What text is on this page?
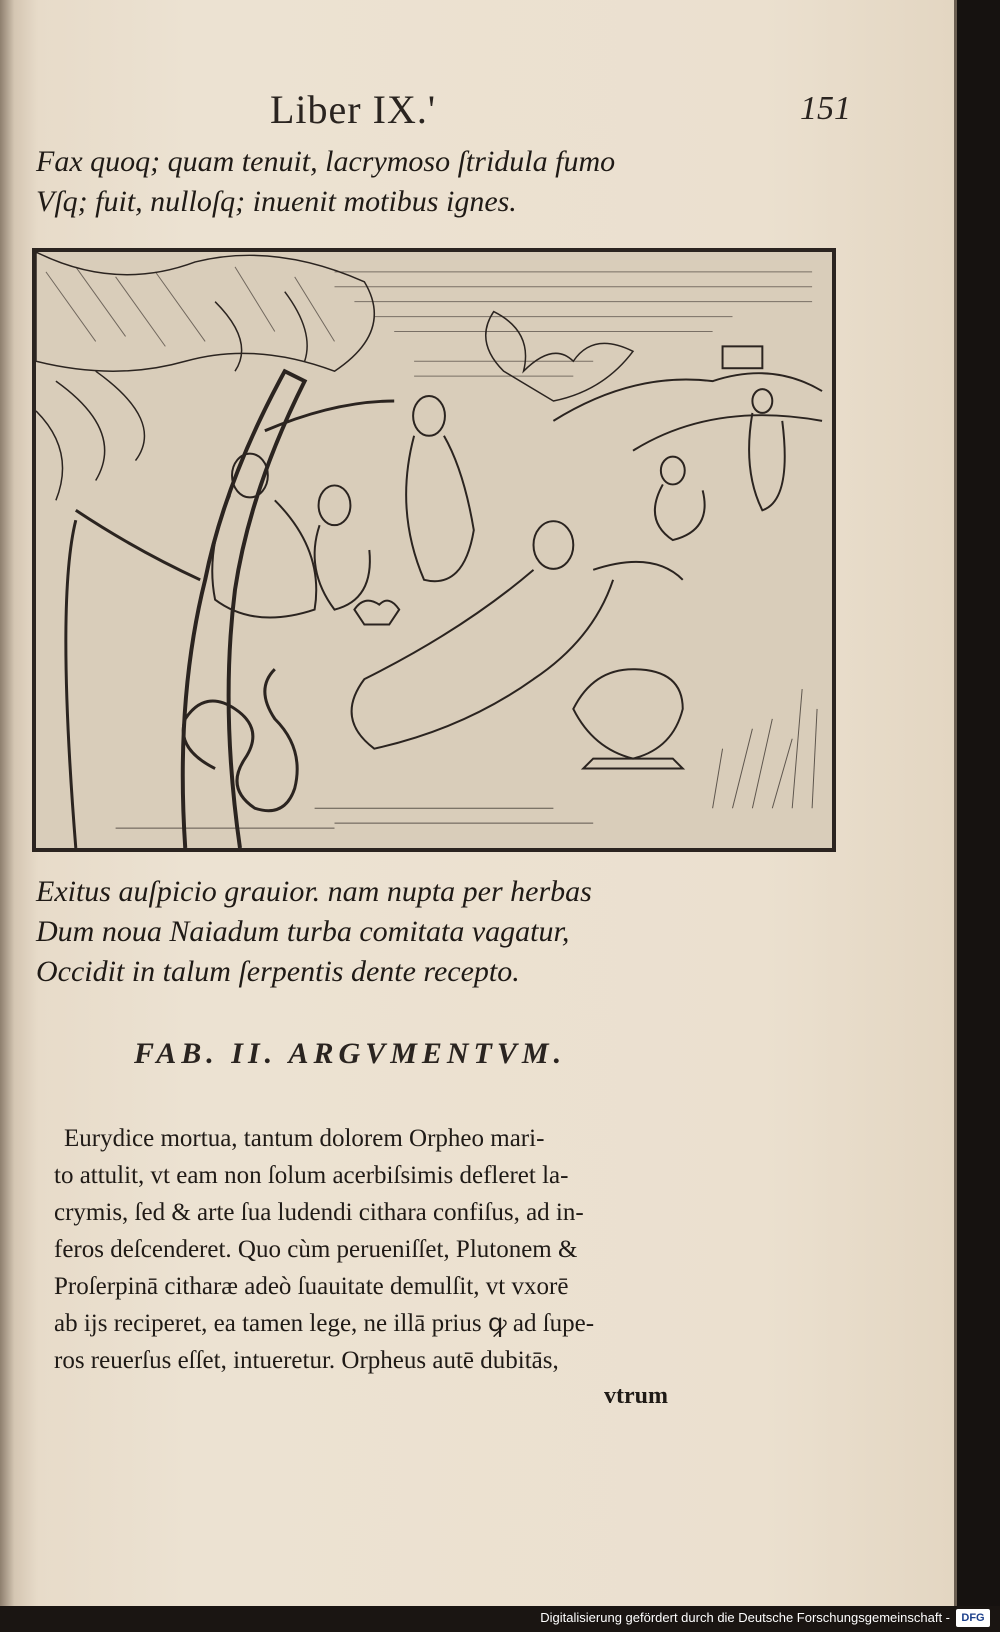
Liber IX.'	151
Fax quoq; quam tenuit, lacrymoso ſtridula fumo
Vſq; fuit, nulloſq; inuenit motibus ignes.
Exitus auſpicio grauior. nam nupta per herbas
Dum noua Naiadum turba comitata vagatur,
Occidit in talum ſerpentis dente recepto.
FAB. II. ARGVMENTVM.
Eurydice mortua, tantum dolorem Orpheo mari-
to attulit, vt eam non ſolum acerbiſsimis defleret la-
crymis, ſed & arte ſua ludendi cithara confiſus, ad in-
feros deſcenderet. Quo cùm perueniſſet, Plutonem &
Proſerpinā citharæ adeò ſuauitate demulſit, vt vxorē
ab ijs reciperet, ea tamen lege, ne illā prius ꝙ ad ſupe-
ros reuerſus eſſet, intueretur. Orpheus autē dubitās,
vtrum
Digitalisierung gefördert durch die Deutsche Forschungsgemeinschaft -	DFG
